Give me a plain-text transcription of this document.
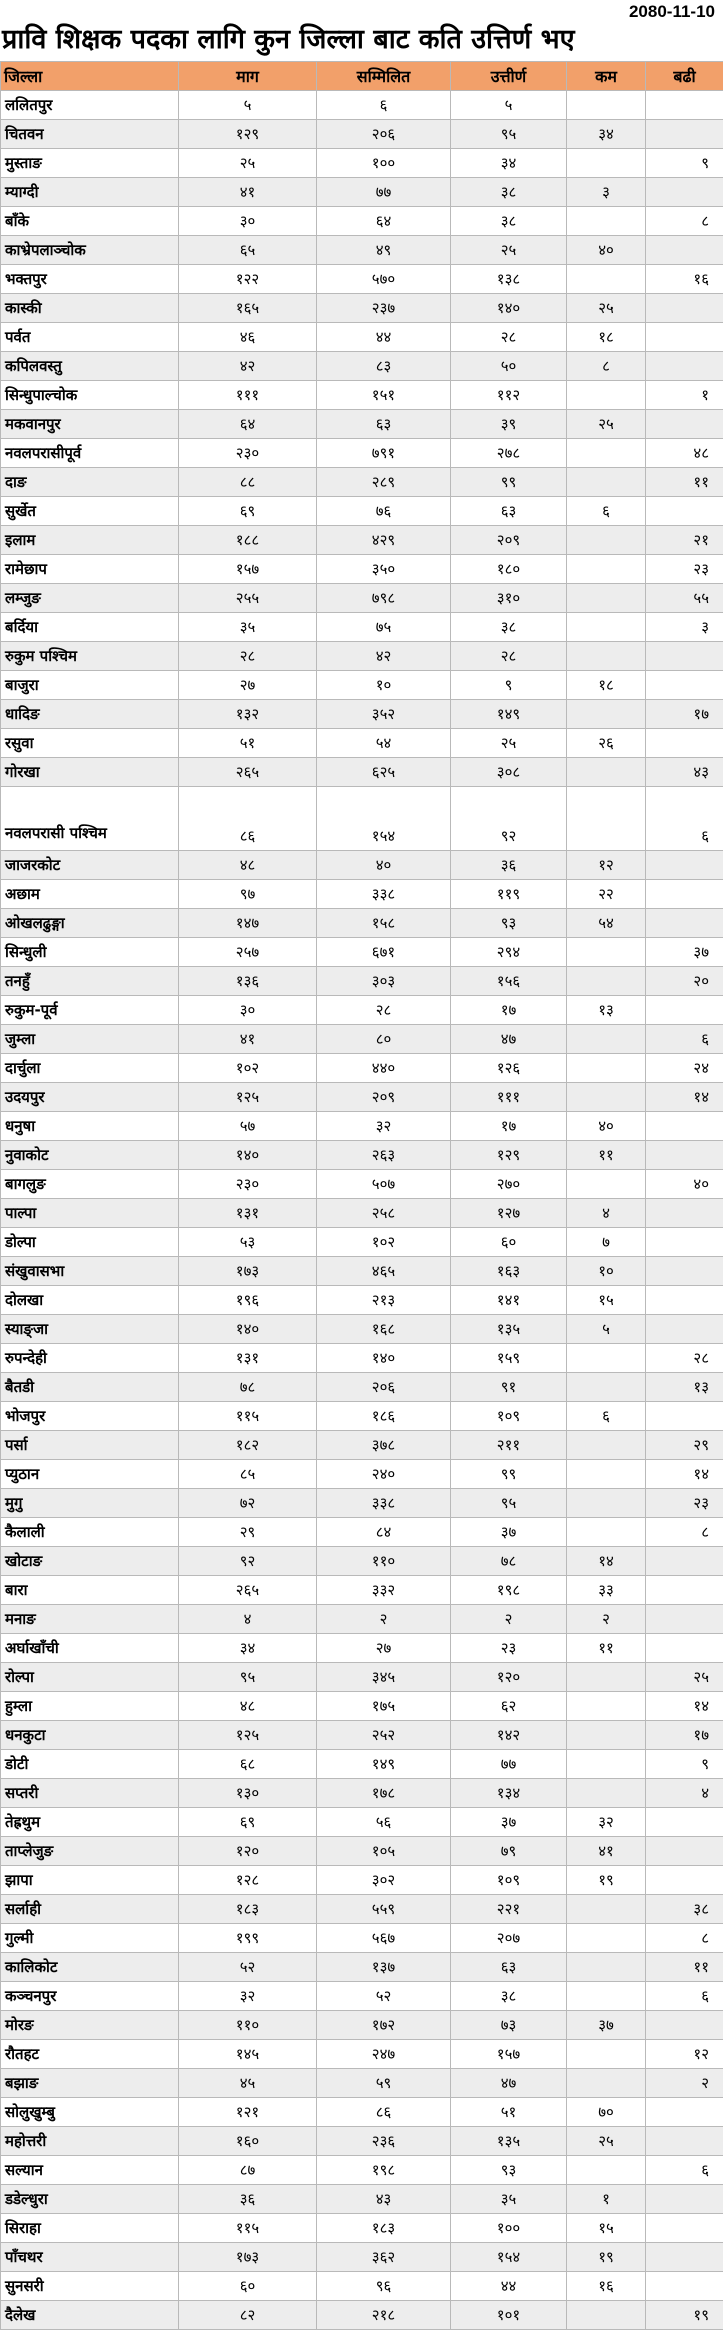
2080-11-10
प्रावि शिक्षक पदका लागि कुन जिल्ला बाट कति उत्तिर्ण भए
जिल्ला	माग	सम्मिलित	उत्तीर्ण	कम	बढी
ललितपुर	५	६	५		
चितवन	१२९	२०६	९५	३४	
मुस्ताङ	२५	१००	३४		९
म्याग्दी	४१	७७	३८	३	
बाँके	३०	६४	३८		८
काभ्रेपलाञ्चोक	६५	४९	२५	४०	
भक्तपुर	१२२	५७०	१३८		१६
कास्की	१६५	२३७	१४०	२५	
पर्वत	४६	४४	२८	१८	
कपिलवस्तु	४२	८३	५०	८	
सिन्धुपाल्चोक	१११	१५१	११२		१
मकवानपुर	६४	६३	३९	२५	
नवलपरासीपूर्व	२३०	७९१	२७८		४८
दाङ	८८	२८९	९९		११
सुर्खेत	६९	७६	६३	६	
इलाम	१८८	४२९	२०९		२१
रामेछाप	१५७	३५०	१८०		२३
लम्जुङ	२५५	७९८	३१०		५५
बर्दिया	३५	७५	३८		३
रुकुम पश्चिम	२८	४२	२८		
बाजुरा	२७	१०	९	१८	
धादिङ	१३२	३५२	१४९		१७
रसुवा	५१	५४	२५	२६	
गोरखा	२६५	६२५	३०८		४३
नवलपरासी पश्चिम	८६	१५४	९२		६
जाजरकोट	४८	४०	३६	१२	
अछाम	९७	३३८	११९	२२	
ओखलढुङ्गा	१४७	१५८	९३	५४	
सिन्धुली	२५७	६७१	२९४		३७
तनहुँ	१३६	३०३	१५६		२०
रुकुम-पूर्व	३०	२८	१७	१३	
जुम्ला	४१	८०	४७		६
दार्चुला	१०२	४४०	१२६		२४
उदयपुर	१२५	२०९	१११		१४
धनुषा	५७	३२	१७	४०	
नुवाकोट	१४०	२६३	१२९	११	
बागलुङ	२३०	५०७	२७०		४०
पाल्पा	१३१	२५८	१२७	४	
डोल्पा	५३	१०२	६०	७	
संखुवासभा	१७३	४६५	१६३	१०	
दोलखा	१९६	२१३	१४१	१५	
स्याङ्जा	१४०	१६८	१३५	५	
रुपन्देही	१३१	१४०	१५९		२८
बैतडी	७८	२०६	९१		१३
भोजपुर	११५	१८६	१०९	६	
पर्सा	१८२	३७८	२११		२९
प्युठान	८५	२४०	९९		१४
मुगु	७२	३३८	९५		२३
कैलाली	२९	८४	३७		८
खोटाङ	९२	११०	७८	१४	
बारा	२६५	३३२	१९८	३३	
मनाङ	४	२	२	२	
अर्घाखाँची	३४	२७	२३	११	
रोल्पा	९५	३४५	१२०		२५
हुम्ला	४८	१७५	६२		१४
धनकुटा	१२५	२५२	१४२		१७
डोटी	६८	१४९	७७		९
सप्तरी	१३०	१७८	१३४		४
तेह्रथुम	६९	५६	३७	३२	
ताप्लेजुङ	१२०	१०५	७९	४१	
झापा	१२८	३०२	१०९	१९	
सर्लाही	१८३	५५९	२२१		३८
गुल्मी	१९९	५६७	२०७		८
कालिकोट	५२	१३७	६३		११
कञ्चनपुर	३२	५२	३८		६
मोरङ	११०	१७२	७३	३७	
रौतहट	१४५	२४७	१५७		१२
बझाङ	४५	५९	४७		२
सोलुखुम्बु	१२१	८६	५१	७०	
महोत्तरी	१६०	२३६	१३५	२५	
सल्यान	८७	१९८	९३		६
डडेल्धुरा	३६	४३	३५	१	
सिराहा	११५	१८३	१००	१५	
पाँचथर	१७३	३६२	१५४	१९	
सुनसरी	६०	९६	४४	१६	
दैलेख	८२	२१८	१०१		१९
